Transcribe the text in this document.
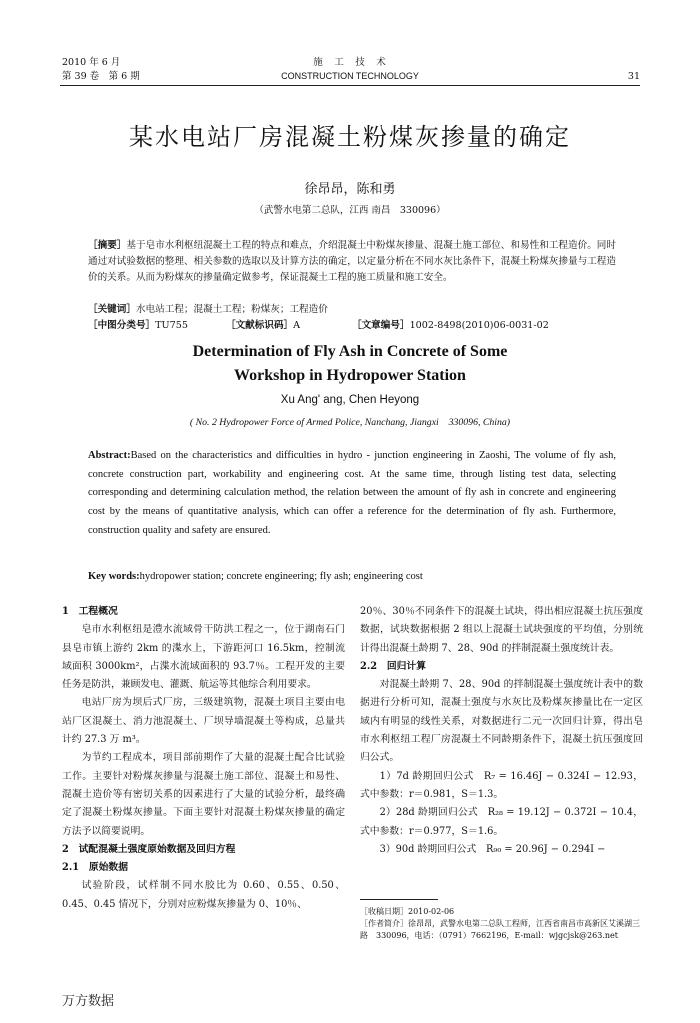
2010 年 6 月
第 39 卷　第 6 期
施　工　技　术
CONSTRUCTION TECHNOLOGY	31
某水电站厂房混凝土粉煤灰掺量的确定
徐昂昂，陈和勇
（武警水电第二总队，江西 南昌　330096）
［摘要］基于皂市水利枢纽混凝土工程的特点和难点，介绍混凝土中粉煤灰掺量、混凝土施工部位、和易性和工程造价。同时通过对试验数据的整理、相关参数的选取以及计算方法的确定，以定量分析在不同水灰比条件下，混凝土粉煤灰掺量与工程造价的关系。从而为粉煤灰的掺量确定做参考，保证混凝土工程的施工质量和施工安全。
［关键词］水电站工程；混凝土工程；粉煤灰；工程造价
［中图分类号］TU755	［文献标识码］A	［文章编号］1002-8498(2010)06-0031-02
Determination of Fly Ash in Concrete of Some
Workshop in Hydropower Station
Xu Ang' ang, Chen Heyong
( No. 2 Hydropower Force of Armed Police, Nanchang, Jiangxi　330096, China)
Abstract:Based on the characteristics and difficulties in hydro - junction engineering in Zaoshi, The volume of fly ash, concrete construction part, workability and engineering cost. At the same time, through listing test data, selecting corresponding and determining calculation method, the relation between the amount of fly ash in concrete and engineering cost by the means of quantitative analysis, which can offer a reference for the determination of fly ash. Furthermore, construction quality and safety are ensured.
Key words:hydropower station; concrete engineering; fly ash; engineering cost

1　工程概况

皂市水利枢纽是澧水流域骨干防洪工程之一，位于湖南石门县皂市镇上游约 2km 的渫水上，下游距河口 16.5km，控制流域面积 3000km²，占渫水流域面积的 93.7％。工程开发的主要任务是防洪，兼顾发电、灌溉、航运等其他综合利用要求。

电站厂房为坝后式厂房，三级建筑物，混凝土项目主要由电站厂区混凝土、消力池混凝土、厂坝导墙混凝土等构成，总量共计约 27.3 万 m³。

为节约工程成本，项目部前期作了大量的混凝土配合比试验工作。主要针对粉煤灰掺量与混凝土施工部位、混凝土和易性、混凝土造价等有密切关系的因素进行了大量的试验分析，最终确定了混凝土粉煤灰掺量。下面主要针对混凝土粉煤灰掺量的确定方法予以简要说明。

2　试配混凝土强度原始数据及回归方程

2.1　原始数据

试验阶段，试样制不同水胶比为 0.60、0.55、0.50、0.45、0.45 情况下，分别对应粉煤灰掺量为 0、10％、

20％、30％不同条件下的混凝土试块，得出相应混凝土抗压强度数据，试块数据根据 2 组以上混凝土试块强度的平均值，分别统计得出混凝土龄期 7、28、90d 的拌制混凝土强度统计表。

2.2　回归计算

对混凝土龄期 7、28、90d 的拌制混凝土强度统计表中的数据进行分析可知，混凝土强度与水灰比及粉煤灰掺量比在一定区域内有明显的线性关系，对数据进行二元一次回归计算，得出皂市水利枢纽工程厂房混凝土不同龄期条件下，混凝土抗压强度回归公式。

1）7d 龄期回归公式　R₇ = 16.46J − 0.324I − 12.93，式中参数：r＝0.981，S＝1.3。

2）28d 龄期回归公式　R₂₈ = 19.12J − 0.372I − 10.4，式中参数：r＝0.977，S＝1.6。

3）90d 龄期回归公式　R₉₀ = 20.96J − 0.294I −

［收稿日期］2010-02-06

［作者简介］徐昂昂，武警水电第二总队工程师，江西省南昌市高新区艾溪湖三路　330096，电话：（0791）7662196，E-mail：wjgcjsk@263.net

万方数据
